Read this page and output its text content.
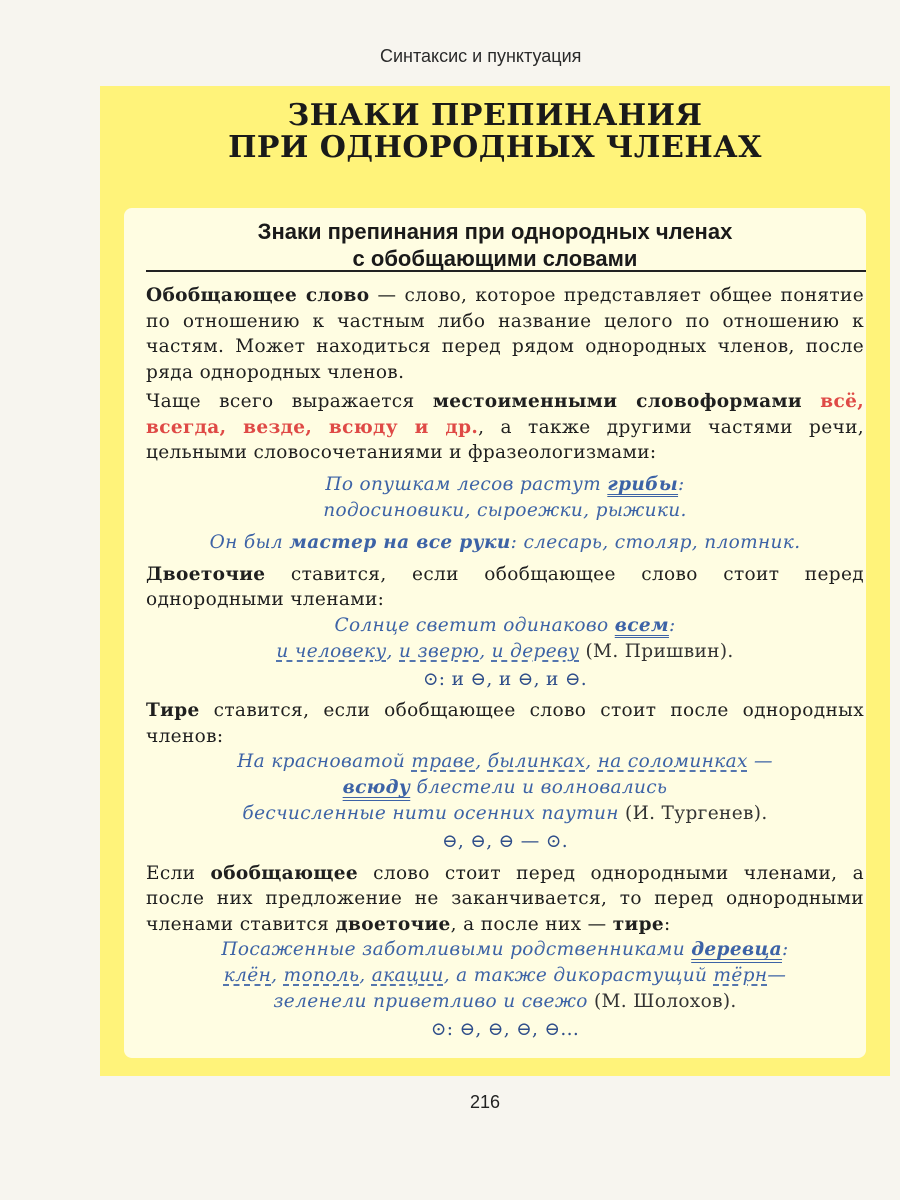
Синтаксис и пунктуация
ЗНАКИ ПРЕПИНАНИЯ
ПРИ ОДНОРОДНЫХ ЧЛЕНАХ
Знаки препинания при однородных членах
с обобщающими словами

Обобщающее слово — слово, которое представляет общее понятие по отношению к частным либо название целого по отношению к частям. Может находиться перед рядом однородных членов, после ряда однородных членов.

Чаще всего выражается местоименными словоформами всё, всегда, везде, всюду и др., а также другими частями речи, цельными словосочетаниями и фразеологизмами:

По опушкам лесов растут грибы:
подосиновики, сыроежки, рыжики.

Он был мастер на все руки: слесарь, столяр, плотник.

Двоеточие ставится, если обобщающее слово стоит перед однородными членами:

Солнце светит одинаково всем:
и человеку, и зверю, и дереву (М. Пришвин).

⊙: и ⊖, и ⊖, и ⊖.

Тире ставится, если обобщающее слово стоит после однородных членов:

На красноватой траве, былинках, на соломинках —
всюду блестели и волновались
бесчисленные нити осенних паутин (И. Тургенев).

⊖, ⊖, ⊖ — ⊙.

Если обобщающее слово стоит перед однородными членами, а после них предложение не заканчивается, то перед однородными членами ставится двоеточие, а после них — тире:

Посаженные заботливыми родственниками деревца:
клён, тополь, акации, а также дикорастущий тёрн—
зеленели приветливо и свежо (М. Шолохов).

⊙: ⊖, ⊖, ⊖, ⊖...

216
